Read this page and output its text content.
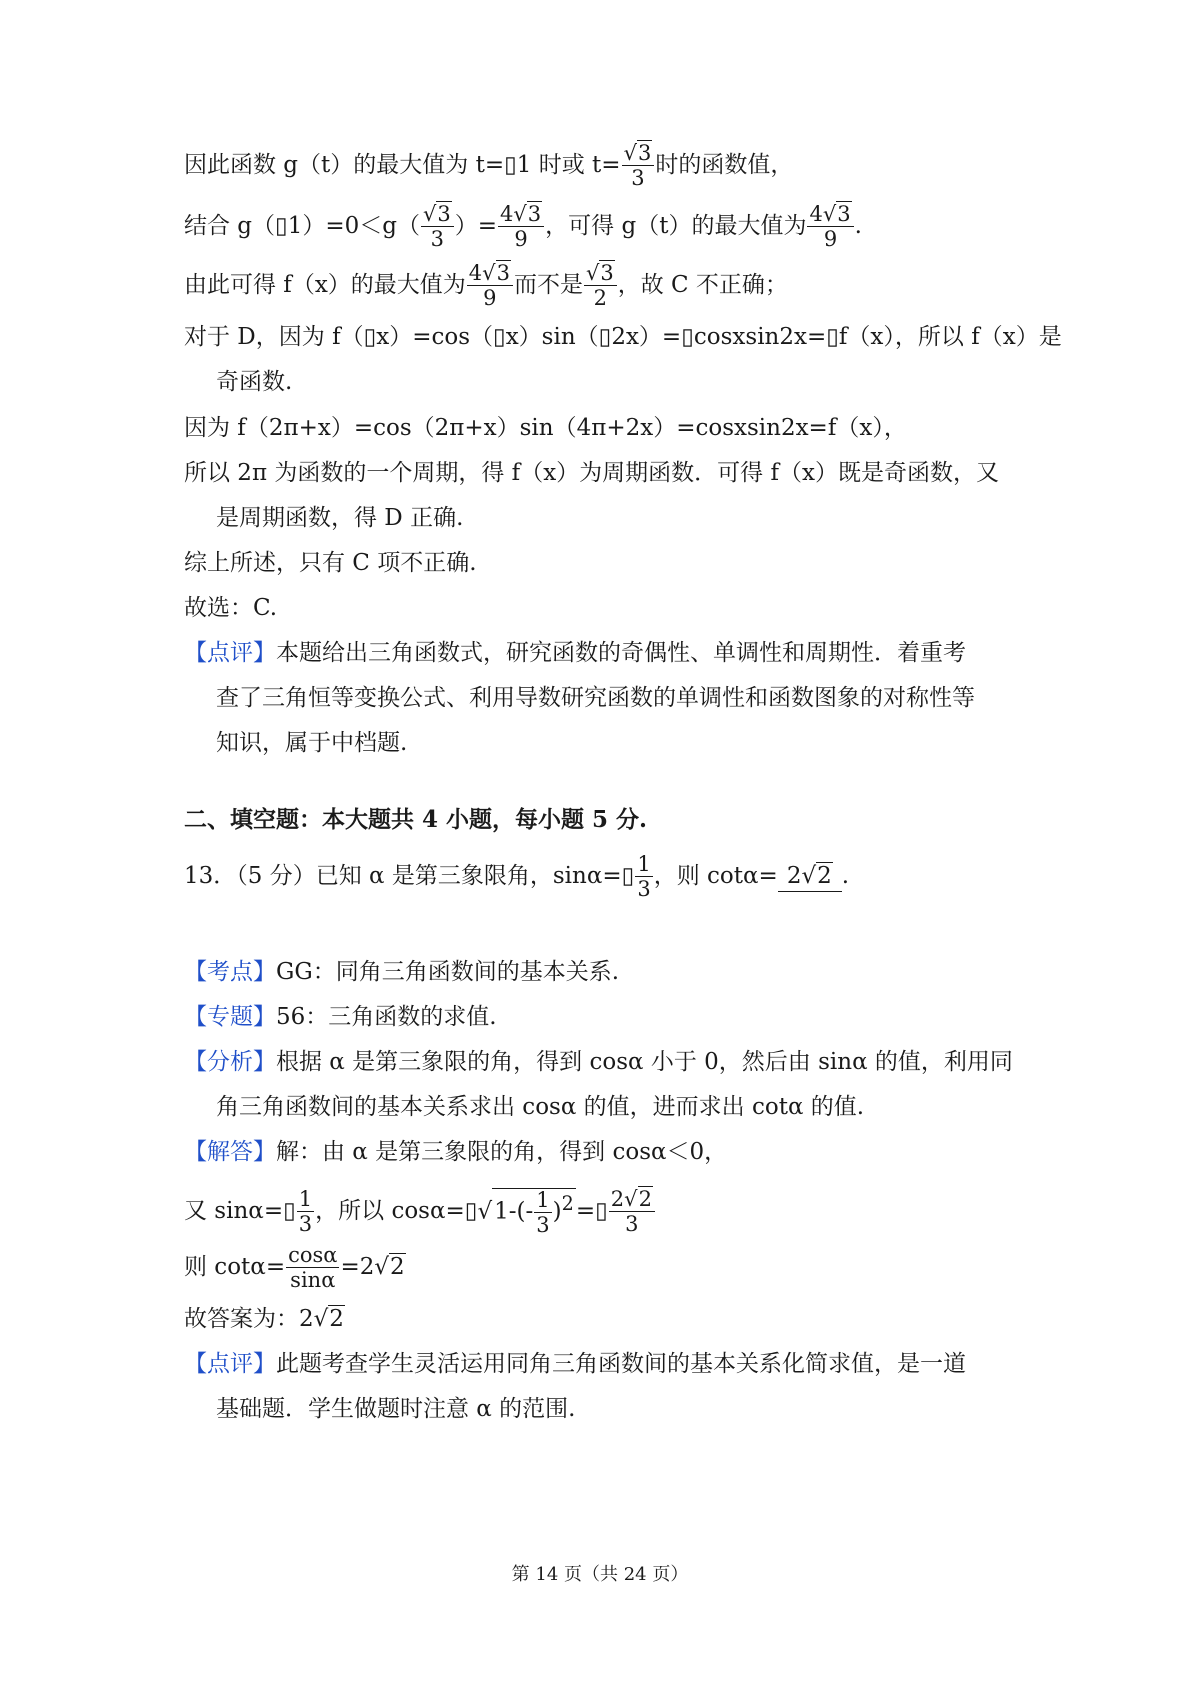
因此函数 g（t）的最大值为 t=▯1 时或 $t= \frac{√3}{3}$ 时的函数值，
结合 g（▯1）=0＜g（ $\frac{√3}{3}$ ）= $\frac{4√3}{9}$ ，可得 g（t）的最大值为 $\frac{4√3}{9}$ .
由此可得 f（x）的最大值为 $\frac{4√3}{9}$ 而不是 $\frac{√3}{2}$ ，故 C 不正确；
对于 D，因为 f（▯x）=cos（▯x）sin（▯2x）=▯cosxsin2x=▯f（x），所以 f（x）是
奇函数.
因为 f（2π+x）=cos（2π+x）sin（4π+2x）=cosxsin2x=f（x），
所以 2π 为函数的一个周期，得 f（x）为周期函数．可得 f（x）既是奇函数，又
是周期函数，得 D 正确.
综上所述，只有 C 项不正确.
故选：C.
【点评】本题给出三角函数式，研究函数的奇偶性、单调性和周期性．着重考
查了三角恒等变换公式、利用导数研究函数的单调性和函数图象的对称性等
知识，属于中档题.
二、填空题：本大题共 4 小题，每小题 5 分.
13．（5 分）已知 α 是第三象限角，sinα=▯ $\frac{1}{3}$ ，则 cotα= 2√2 .
【考点】GG：同角三角函数间的基本关系.
【专题】56：三角函数的求值.
【分析】根据 α 是第三象限的角，得到 cosα 小于 0，然后由 sinα 的值，利用同
角三角函数间的基本关系求出 cosα 的值，进而求出 cotα 的值.
【解答】解：由 α 是第三象限的角，得到 cosα＜0，
又 sinα=▯ $\frac{1}{3}$ ，所以 cosα=▯√1-(- $\frac{1}{3}$ )$^2$=▯ $\frac{2√2}{3}$
则 $\cot\alpha= \frac{\cos\alpha}{\sin\alpha} =2√2$
故答案为：2√2
【点评】此题考查学生灵活运用同角三角函数间的基本关系化简求值，是一道
基础题．学生做题时注意 α 的范围.
第 14 页（共 24 页）
